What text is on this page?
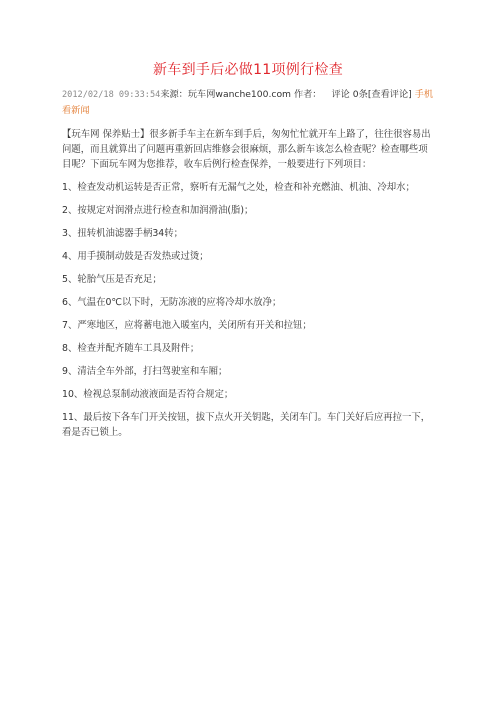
新车到手后必做11项例行检查

2012/02/18 09:33:54来源：玩车网wanche100.com 作者： 评论 0条[查看评论] 手机看新闻

【玩车网 保养贴士】很多新手车主在新车到手后，匆匆忙忙就开车上路了，往往很容易出问题，而且就算出了问题再重新回店维修会很麻烦，那么新车该怎么检查呢？检查哪些项目呢？下面玩车网为您推荐，收车后例行检查保养，一般要进行下列项目：

1、检查发动机运转是否正常，察听有无漏气之处，检查和补充燃油、机油、冷却水；

2、按规定对润滑点进行检查和加润滑油(脂)；

3、扭转机油滤器手柄34转；

4、用手摸制动鼓是否发热或过烫；

5、轮胎气压是否充足；

6、气温在0℃以下时，无防冻液的应将冷却水放净；

7、严寒地区，应将蓄电池入暖室内，关闭所有开关和拉钮；

8、检查并配齐随车工具及附件；

9、清洁全车外部，打扫驾驶室和车厢；

10、检视总泵制动液液面是否符合规定；

11、最后按下各车门开关按钮，拔下点火开关钥匙，关闭车门。车门关好后应再拉一下，看是否已锁上。
